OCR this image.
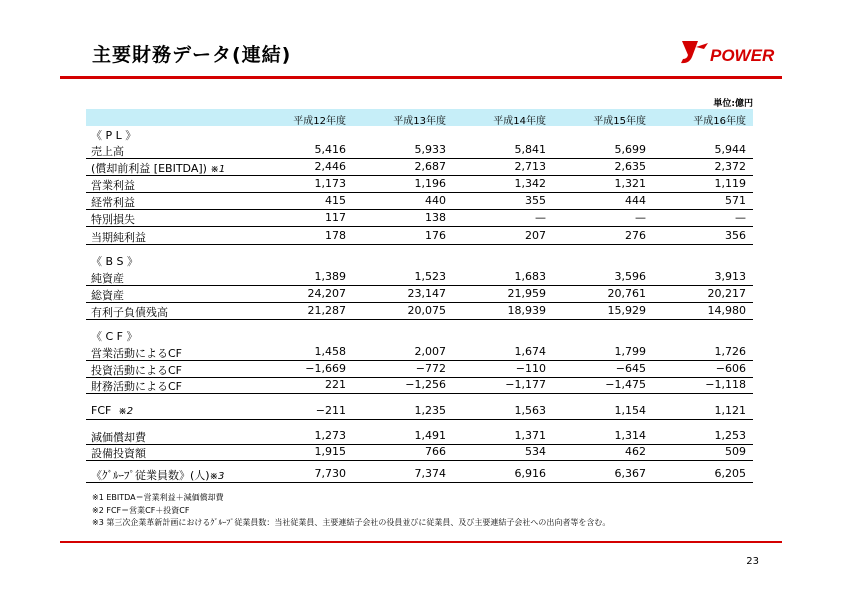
主要財務データ(連結)	POWER
単位:億円
平成12年度	平成13年度	平成14年度	平成15年度	平成16年度
《 P L 》
売上高	5,416	5,933	5,841	5,699	5,944
(償却前利益 [EBITDA]) ※1	2,446	2,687	2,713	2,635	2,372
営業利益	1,173	1,196	1,342	1,321	1,119
経常利益	415	440	355	444	571
特別損失	117	138	—	—	—
当期純利益	178	176	207	276	356
《 B S 》
純資産	1,389	1,523	1,683	3,596	3,913
総資産	24,207	23,147	21,959	20,761	20,217
有利子負債残高	21,287	20,075	18,939	15,929	14,980
《 C F 》
営業活動によるCF	1,458	2,007	1,674	1,799	1,726
投資活動によるCF	−1,669	−772	−110	−645	−606
財務活動によるCF	221	−1,256	−1,177	−1,475	−1,118
FCF ※2	−211	1,235	1,563	1,154	1,121
減価償却費	1,273	1,491	1,371	1,314	1,253
設備投資額	1,915	766	534	462	509
《ｸﾞﾙｰﾌﾟ従業員数》(人)※3	7,730	7,374	6,916	6,367	6,205
※1 EBITDA＝営業利益＋減価償却費
※2 FCF＝営業CF＋投資CF
※3 第三次企業革新計画におけるｸﾞﾙｰﾌﾟ従業員数：当社従業員、主要連結子会社の役員並びに従業員、及び主要連結子会社への出向者等を含む。
23
